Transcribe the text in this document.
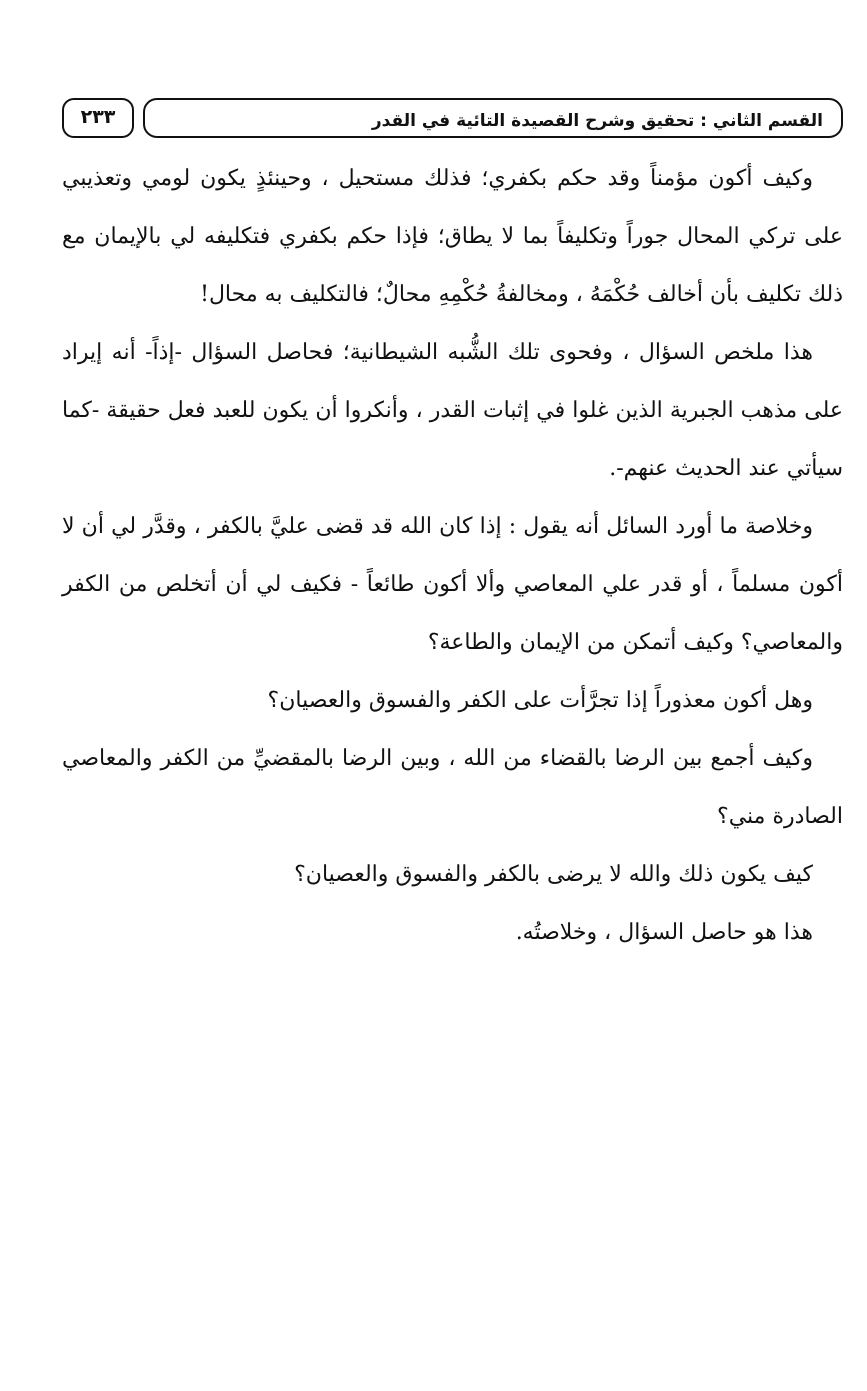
القسم الثاني : تحقيق وشرح القصيدة التائية في القدر
٢٣٣

وكيف أكون مؤمناً وقد حكم بكفري؛ فذلك مستحيل ، وحينئذٍ يكون لومي وتعذيبي على تركي المحال جوراً وتكليفاً بما لا يطاق؛ فإذا حكم بكفري فتكليفه لي بالإيمان مع ذلك تكليف بأن أخالف حُكْمَهُ ، ومخالفةُ حُكْمِهِ محالٌ؛ فالتكليف به محال!

هذا ملخص السؤال ، وفحوى تلك الشُّبه الشيطانية؛ فحاصل السؤال -إذاً- أنه إيراد على مذهب الجبرية الذين غلوا في إثبات القدر ، وأنكروا أن يكون للعبد فعل حقيقة -كما سيأتي عند الحديث عنهم-.

وخلاصة ما أورد السائل أنه يقول : إذا كان الله قد قضى عليَّ بالكفر ، وقدَّر لي أن لا أكون مسلماً ، أو قدر علي المعاصي وألا أكون طائعاً - فكيف لي أن أتخلص من الكفر والمعاصي؟ وكيف أتمكن من الإيمان والطاعة؟

وهل أكون معذوراً إذا تجرَّأت على الكفر والفسوق والعصيان؟

وكيف أجمع بين الرضا بالقضاء من الله ، وبين الرضا بالمقضيِّ من الكفر والمعاصي الصادرة مني؟

كيف يكون ذلك والله لا يرضى بالكفر والفسوق والعصيان؟

هذا هو حاصل السؤال ، وخلاصتُه.
